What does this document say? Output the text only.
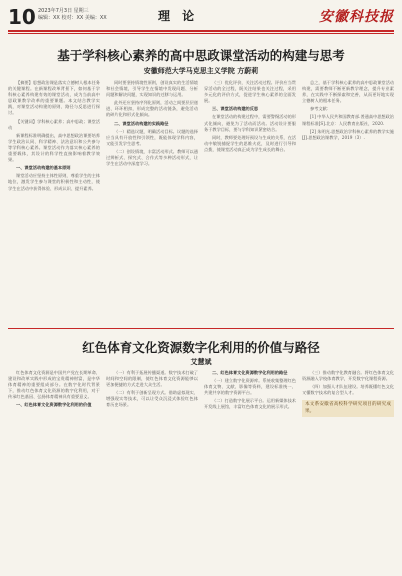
10 2023年7月3日 星期三
编辑：XX 校对：XX 美编：XX	理 论	安徽科技报
基于学科核心素养的高中思政课堂活动的构建与思考
安徽师范大学马克思主义学院 方蔚莉

【摘要】思想政治课是落实立德树人根本任务的关键课程。在新课程改革背景下，如何基于学科核心素养构建有效的课堂活动，成为当前高中思政课教学改革的重要课题。本文结合教学实践，对课堂活动构建的原则、路径与反思进行探讨。

【关键词】学科核心素养；高中思政；课堂活动

新课程标准明确提出，高中思想政治课要培养学生政治认同、科学精神、法治意识和公共参与等学科核心素养。课堂活动作为落实核心素养的重要载体，其设计的科学性直接影响着教学效果。

一、课堂活动构建的基本原则

课堂活动应坚持主体性原则，尊重学生的主体地位，激发学生参与课堂的积极性和主动性，使学生在活动中获得体验、形成认识、提升素养。

同时要坚持情境性原则，创设真实的生活情境和社会情境，引导学生在情境中发现问题、分析问题和解决问题，实现知识的迁移与运用。

此外还应坚持序列化原则，活动之间要层层递进、环环相扣，形成完整的活动链条，避免活动的碎片化和形式化倾向。

二、课堂活动构建的实践路径

（一）精选议题，明确活动目标。议题的选择应当具有开放性和引领性，既能体现学科内容，又能引发学生思考。

（二）创设情境，丰富活动形式。教师可以通过辨析式、探究式、合作式等多种活动形式，让学生在活动中深度学习。

（三）优化评价，关注活动过程。评价应当贯穿活动的全过程，既关注结果也关注过程，采用多元化的评价方式，促进学生核心素养的全面发展。

三、课堂活动构建的反思

在课堂活动的构建过程中，需要警惕活动的形式化倾向，避免为了活动而活动。活动设计要服务于教学目标，要与学科知识紧密结合。

同时，教师要处理好预设与生成的关系，在活动中敏锐捕捉学生的思维火花，及时进行引导和点拨，使课堂活动真正成为学生成长的舞台。

总之，基于学科核心素养的高中思政课堂活动构建，需要教师不断更新教学理念，提升专业素养，在实践中不断探索和完善，从而更好地实现立德树人的根本任务。

参考文献：

[1] 中华人民共和国教育部.普通高中思想政治课程标准[S].北京：人民教育出版社，2020.

[2] 朱明光.思想政治学科核心素养的教学实施[J].思想政治课教学，2019（3）.

红色体育文化资源数字化利用的价值与路径
艾慧斌

红色体育文化资源是中国共产党在长期革命、建设和改革实践中形成的宝贵精神财富，是中华体育精神的重要组成部分。在数字化时代背景下，推动红色体育文化资源的数字化利用，对于传承红色基因、弘扬体育精神具有重要意义。

一、红色体育文化资源数字化利用的价值

（一）有利于拓展传播渠道。数字技术打破了时间和空间的限制，使红色体育文化资源能够以更加便捷的方式走进大众生活。

（二）有利于创新呈现方式。借助虚拟现实、增强现实等技术，可以让受众沉浸式体验红色体育历史场景。

二、红色体育文化资源数字化利用的路径

（一）建立数字化资源库。系统收集整理红色体育文物、文献、影像等资料，建设标准统一、共建共享的数字资源平台。

（二）打造数字化展示平台。运用新媒体技术开发线上展馆，丰富红色体育文化的展示形式。

（三）推动数字化教育融合。将红色体育文化资源融入学校体育教学，开发数字化课程资源。

（四）加强人才队伍建设。培养既懂红色文化又懂数字技术的复合型人才。

本文系安徽省高校科学研究项目的研究成果。
